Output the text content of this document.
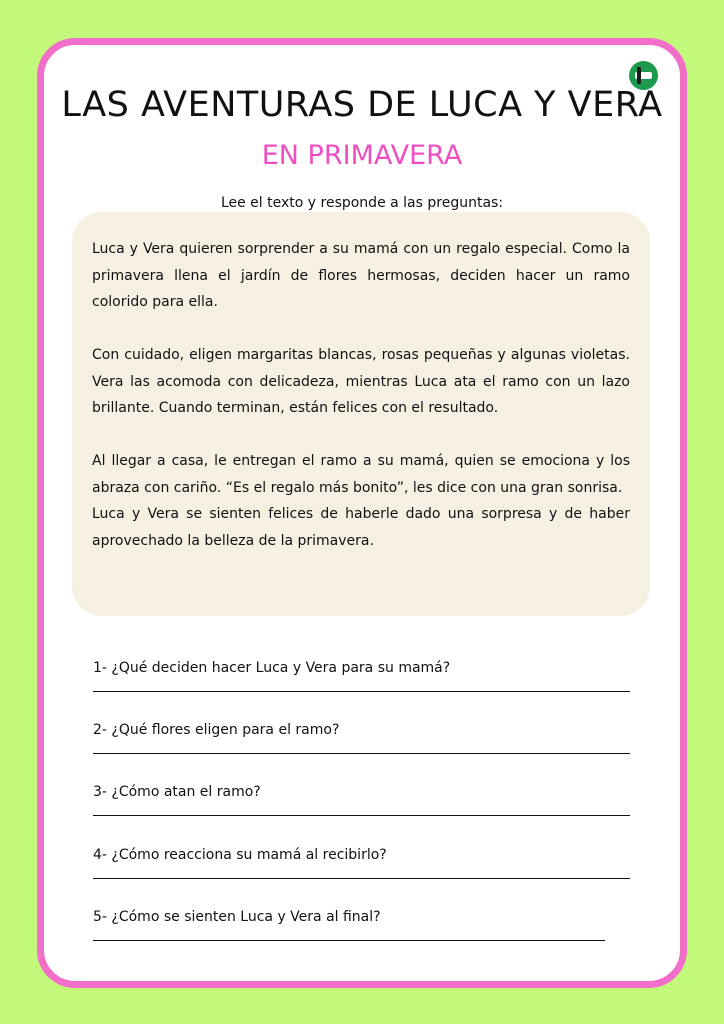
LAS AVENTURAS DE LUCA Y VERA
EN PRIMAVERA
Lee el texto y responde a las preguntas:

Luca y Vera quieren sorprender a su mamá con un regalo especial. Como la primavera llena el jardín de flores hermosas, deciden hacer un ramo colorido para ella.

Con cuidado, eligen margaritas blancas, rosas pequeñas y algunas violetas. Vera las acomoda con delicadeza, mientras Luca ata el ramo con un lazo brillante. Cuando terminan, están felices con el resultado.

Al llegar a casa, le entregan el ramo a su mamá, quien se emociona y los abraza con cariño. “Es el regalo más bonito”, les dice con una gran sonrisa.

Luca y Vera se sienten felices de haberle dado una sorpresa y de haber aprovechado la belleza de la primavera.

1- ¿Qué deciden hacer Luca y Vera para su mamá?
2- ¿Qué flores eligen para el ramo?
3- ¿Cómo atan el ramo?
4- ¿Cómo reacciona su mamá al recibirlo?
5- ¿Cómo se sienten Luca y Vera al final?
